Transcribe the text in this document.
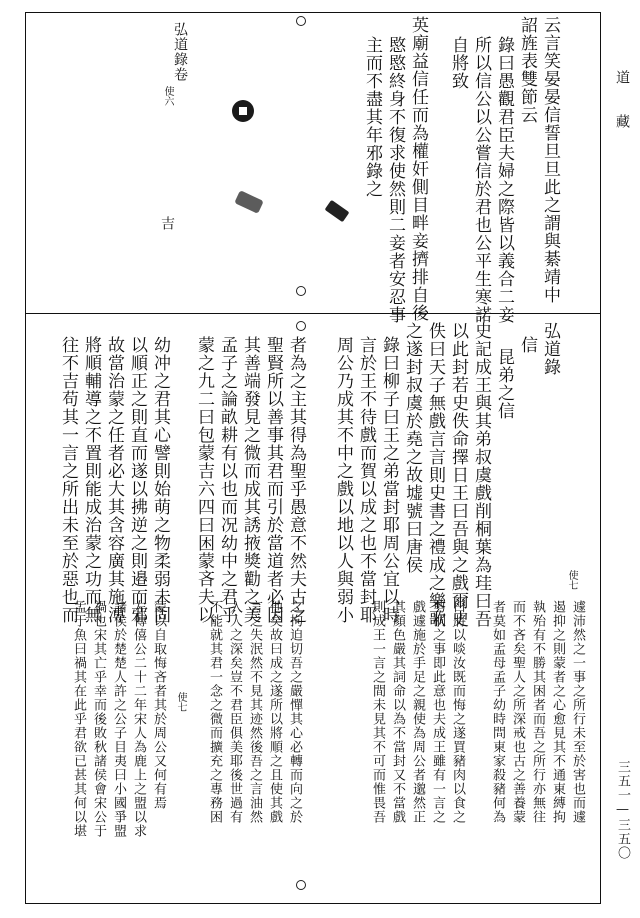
道藏
三五一—三五〇
云言笑晏晏信誓旦旦此之謂與綦靖中
詔旌表雙節云
錄曰愚觀君臣夫婦之際皆以義合二妾
所以信公以公嘗信於君也公平生寒諾
自將致
英廟益信任而為權奸側目畔妾擠排自後
愍愍終身不復求使然則二妾者安忍事
主而不盡其年邪錄之
弘道錄卷
使六
吉
弘道錄
信
昆弟之信
史記成王與其弟叔虞戲削桐葉為珪曰吾
以此封若史佚命擇日王曰吾與之戲爾史
佚曰天子無戲言言則史書之禮成之樂歌
之遂封叔虞於堯之故墟號曰唐侯
錄曰柳子曰王之弟當封耶周公宜以時
言於王不待戲而賀以成之也不當封耶
周公乃成其不中之戲以地以人與弱小
者為之主其得為聖乎愚意不然夫古之
聖賢所以善事其君而引於當道者必因
其善端發見之微而成其誘掖獎勸之美
孟子之論畝耕有以也而况幼中之君乎
蒙之九二曰包蒙吉六四曰困蒙吝夫以
幼冲之君其心譬則始萌之物柔弱未固
以順正之則直而遂以拂逆之則邉而邪
故當治蒙之任者必大其含容廣其施溥
將順輔導之不置則能成治蒙之功而無
往不吉苟其一言之所出未至於惡也而	使七
遽沛然之一事之所行未至於害也而遽
遏抑之則蒙者之心愈見其不通東縛拘
執殆有不勝其困者而吾之所行亦無往
而不吝矣聖人之所深戒也古之善養蒙
者莫如孟母孟子幼時問東家殺豬何為
曰將以啖汝既而悔之遂買豬肉以食之
剪桐之事即此意也夫成王雖有一言之
戲遽施於手足之親使為周公者邈然正
其顏色嚴其詞命以為不當封又不當戲
則成王一言之間未見其不可而惟畏吾
之拘迫切吾之嚴憚其心必轉而向之於
他矣故曰成之遂所以將順之且使其戲
言之失泯然不見其迹然後吾之言油然
入人之深矣豈不君臣俱美耶後世過有
不能就其君一念之微而擴充之專務困
蒙以自取悔吝者其於周公又何有焉
左傳僖公二十二年宋人為鹿上之盟以求
諸侯於楚楚人許之公子目夷曰小國爭盟
禍也宋其亡乎幸而後敗秋諸侯會宋公于
孟于魚曰禍其在此乎君欲已甚其何以堪	使七
